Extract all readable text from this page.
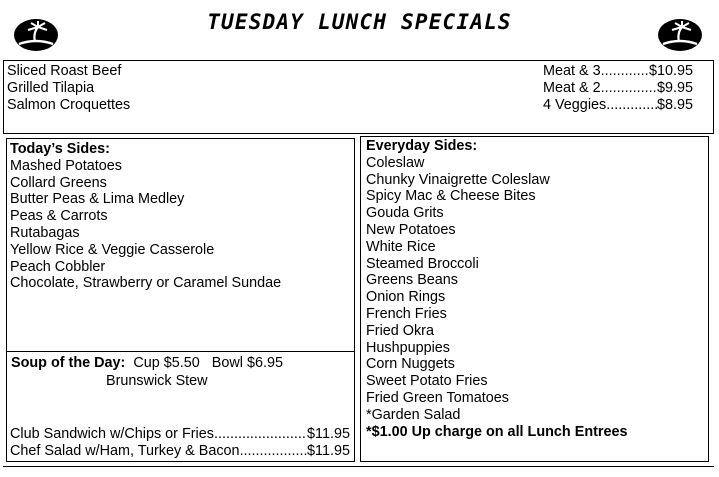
TUESDAY LUNCH SPECIALS
Sliced Roast Beef
Grilled Tilapia
Salmon Croquettes
Meat & 3 .....	$10.95
Meat & 2 .....	$9.95
4 Veggies .....	$8.95
Today’s Sides:
Mashed Potatoes
Collard Greens
Butter Peas & Lima Medley
Peas & Carrots
Rutabagas
Yellow Rice & Veggie Casserole
Peach Cobbler
Chocolate, Strawberry or Caramel Sundae
Soup of the Day: Cup $5.50 Bowl $6.95
Brunswick Stew
Club Sandwich w/Chips or Fries .....	$11.95
Chef Salad w/Ham, Turkey & Bacon .....	$11.95
Everyday Sides:
Coleslaw
Chunky Vinaigrette Coleslaw
Spicy Mac & Cheese Bites
Gouda Grits
New Potatoes
White Rice
Steamed Broccoli
Greens Beans
Onion Rings
French Fries
Fried Okra
Hushpuppies
Corn Nuggets
Sweet Potato Fries
Fried Green Tomatoes
*Garden Salad
*$1.00 Up charge on all Lunch Entrees
